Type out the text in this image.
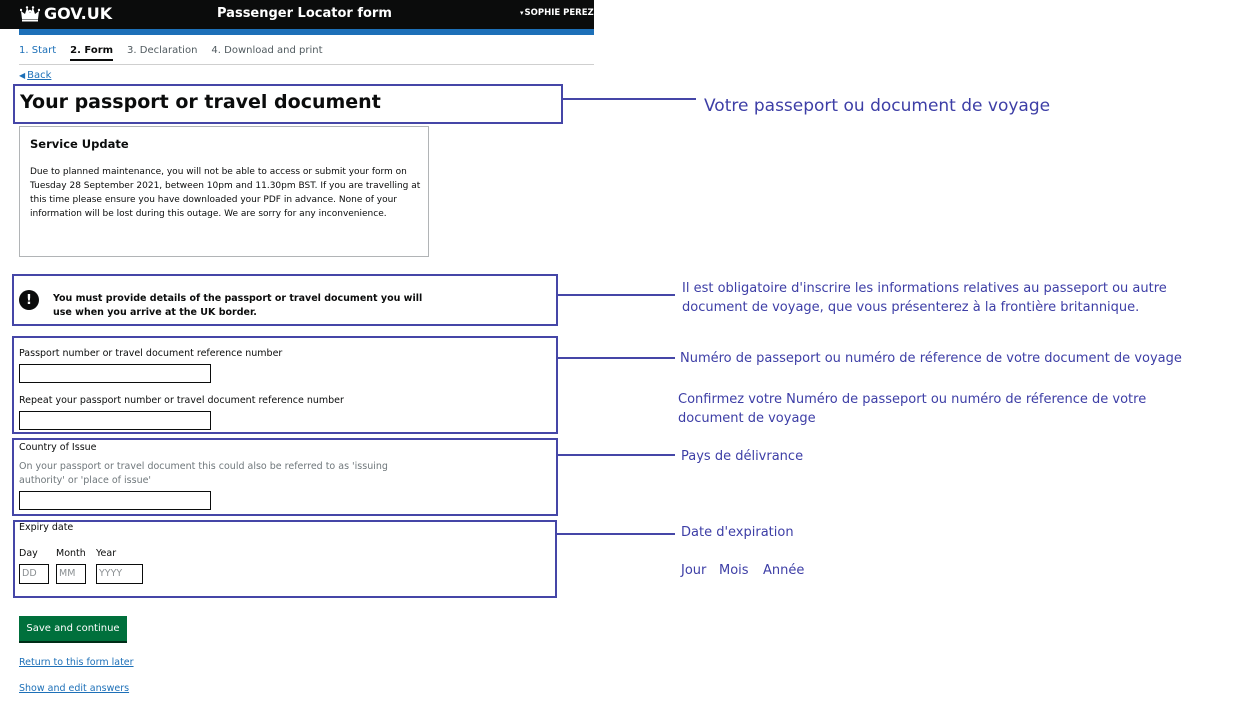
GOV.UK	Passenger Locator form	▾ SOPHIE PEREZ
1. Start 2. Form 3. Declaration 4. Download and print
◀ Back
Your passport or travel document	Votre passeport ou document de voyage
Service Update

Due to planned maintenance, you will not be able to access or submit your form on Tuesday 28 September 2021, between 10pm and 11.30pm BST. If you are travelling at this time please ensure you have downloaded your PDF in advance. None of your information will be lost during this outage. We are sorry for any inconvenience.

!	You must provide details of the passport or travel document you will use when you arrive at the UK border.

Il est obligatoire d'inscrire les informations relatives au passeport ou autre document de voyage, que vous présenterez à la frontière britannique.
Passport number or travel document reference number
Repeat your passport number or travel document reference number
Numéro de passeport ou numéro de réference de votre document de voyage
Confirmez votre Numéro de passeport ou numéro de réference de votre document de voyage
Country of Issue

On your passport or travel document this could also be referred to as 'issuing authority' or 'place of issue'

Pays de délivrance
Expiry date
Day Month Year
DD	MM	YYYY
Date d'expiration
Jour Mois Année
Save and continue
Return to this form later
Show and edit answers
